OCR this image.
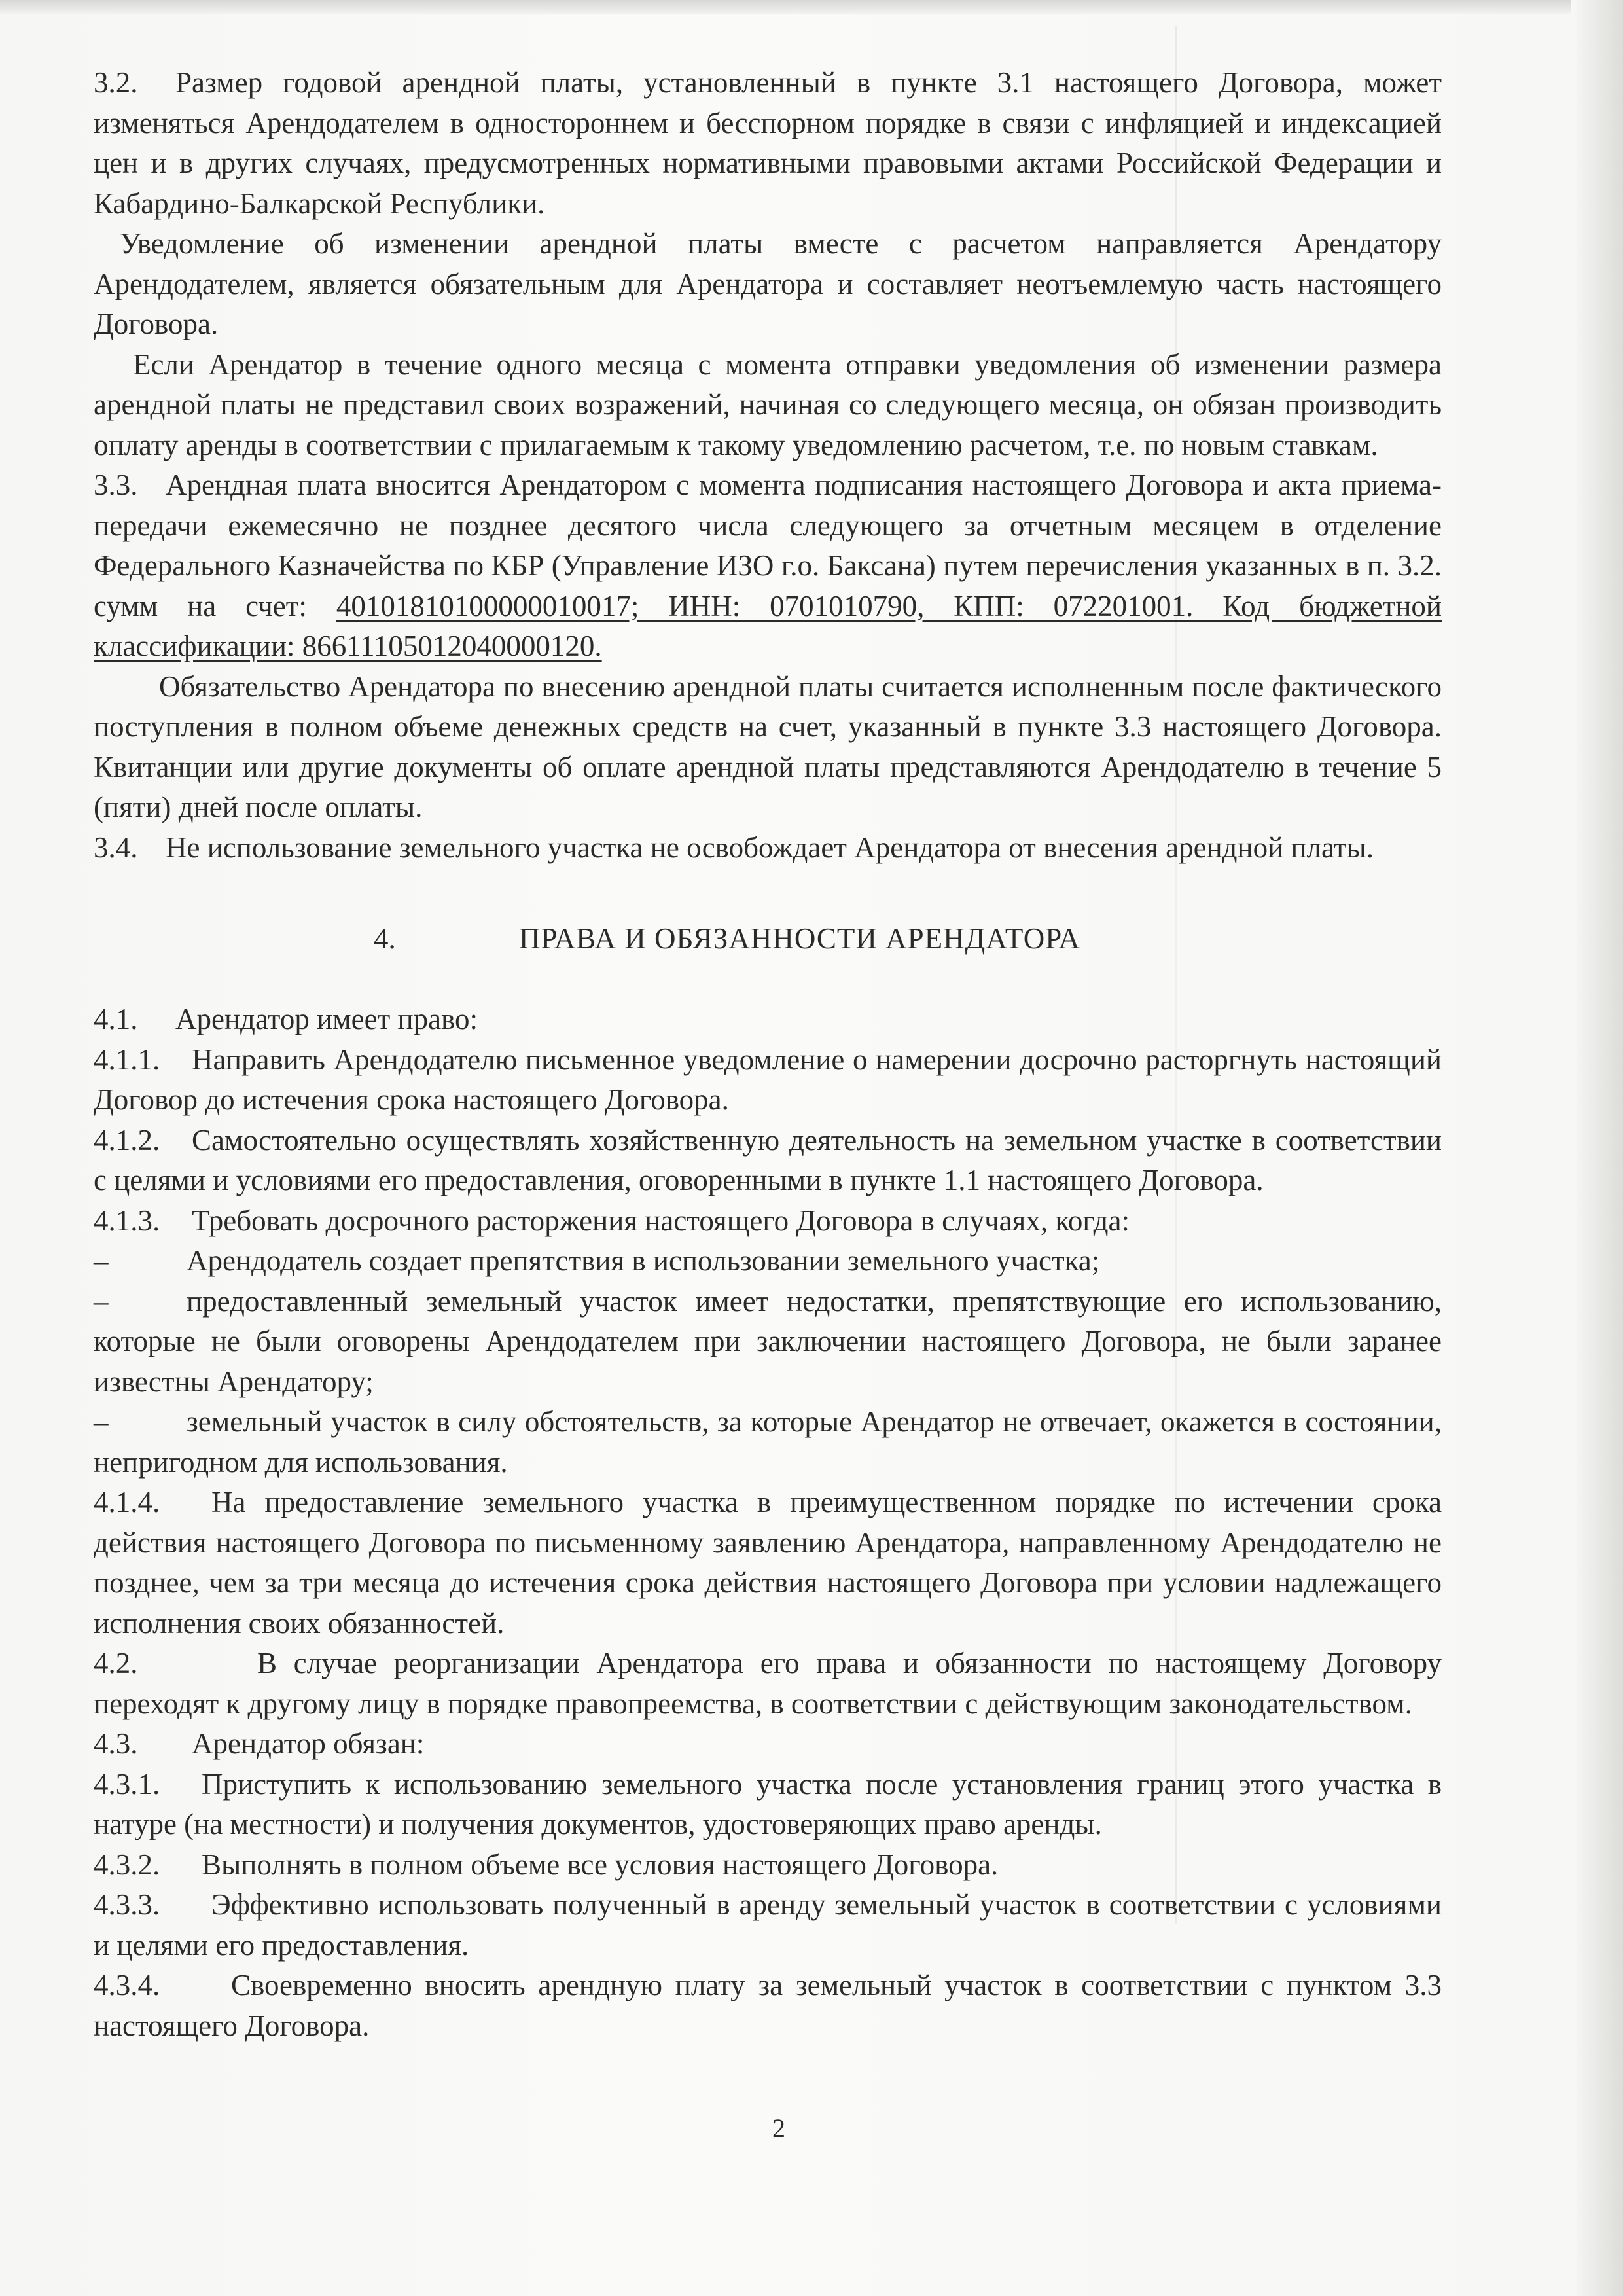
3.2. Размер годовой арендной платы, установленный в пункте 3.1 настоящего Договора, может изменяться Арендодателем в одностороннем и бесспорном порядке в связи с инфляцией и индексацией цен и в других случаях, предусмотренных нормативными правовыми актами Российской Федерации и Кабардино-Балкарской Республики.

Уведомление об изменении арендной платы вместе с расчетом направляется Арендатору Арендодателем, является обязательным для Арендатора и составляет неотъемлемую часть настоящего Договора.

Если Арендатор в течение одного месяца с момента отправки уведомления об изменении размера арендной платы не представил своих возражений, начиная со следующего месяца, он обязан производить оплату аренды в соответствии с прилагаемым к такому уведомлению расчетом, т.е. по новым ставкам.

3.3. Арендная плата вносится Арендатором с момента подписания настоящего Договора и акта приема-передачи ежемесячно не позднее десятого числа следующего за отчетным месяцем в отделение Федерального Казначейства по КБР (Управление ИЗО г.о. Баксана) путем перечисления указанных в п. 3.2. сумм на счет: 40101810100000010017; ИНН: 0701010790, КПП: 072201001. Код бюджетной классификации: 86611105012040000120.

Обязательство Арендатора по внесению арендной платы считается исполненным после фактического поступления в полном объеме денежных средств на счет, указанный в пункте 3.3 настоящего Договора. Квитанции или другие документы об оплате арендной платы представляются Арендодателю в течение 5 (пяти) дней после оплаты.

3.4. Не использование земельного участка не освобождает Арендатора от внесения арендной платы.

4.	ПРАВА И ОБЯЗАННОСТИ АРЕНДАТОРА

4.1. Арендатор имеет право:

4.1.1. Направить Арендодателю письменное уведомление о намерении досрочно расторгнуть настоящий Договор до истечения срока настоящего Договора.

4.1.2. Самостоятельно осуществлять хозяйственную деятельность на земельном участке в соответствии с целями и условиями его предоставления, оговоренными в пункте 1.1 настоящего Договора.

4.1.3. Требовать досрочного расторжения настоящего Договора в случаях, когда:

–	Арендодатель создает препятствия в использовании земельного участка;

–	предоставленный земельный участок имеет недостатки, препятствующие его использованию, которые не были оговорены Арендодателем при заключении настоящего Договора, не были заранее известны Арендатору;

–	земельный участок в силу обстоятельств, за которые Арендатор не отвечает, окажется в состоянии, непригодном для использования.

4.1.4. На предоставление земельного участка в преимущественном порядке по истечении срока действия настоящего Договора по письменному заявлению Арендатора, направленному Арендодателю не позднее, чем за три месяца до истечения срока действия настоящего Договора при условии надлежащего исполнения своих обязанностей.

4.2.	В случае реорганизации Арендатора его права и обязанности по настоящему Договору переходят к другому лицу в порядке правопреемства, в соответствии с действующим законодательством.

4.3. Арендатор обязан:

4.3.1. Приступить к использованию земельного участка после установления границ этого участка в натуре (на местности) и получения документов, удостоверяющих право аренды.

4.3.2. Выполнять в полном объеме все условия настоящего Договора.

4.3.3. Эффективно использовать полученный в аренду земельный участок в соответствии с условиями и целями его предоставления.

4.3.4. Своевременно вносить арендную плату за земельный участок в соответствии с пунктом 3.3 настоящего Договора.

2
